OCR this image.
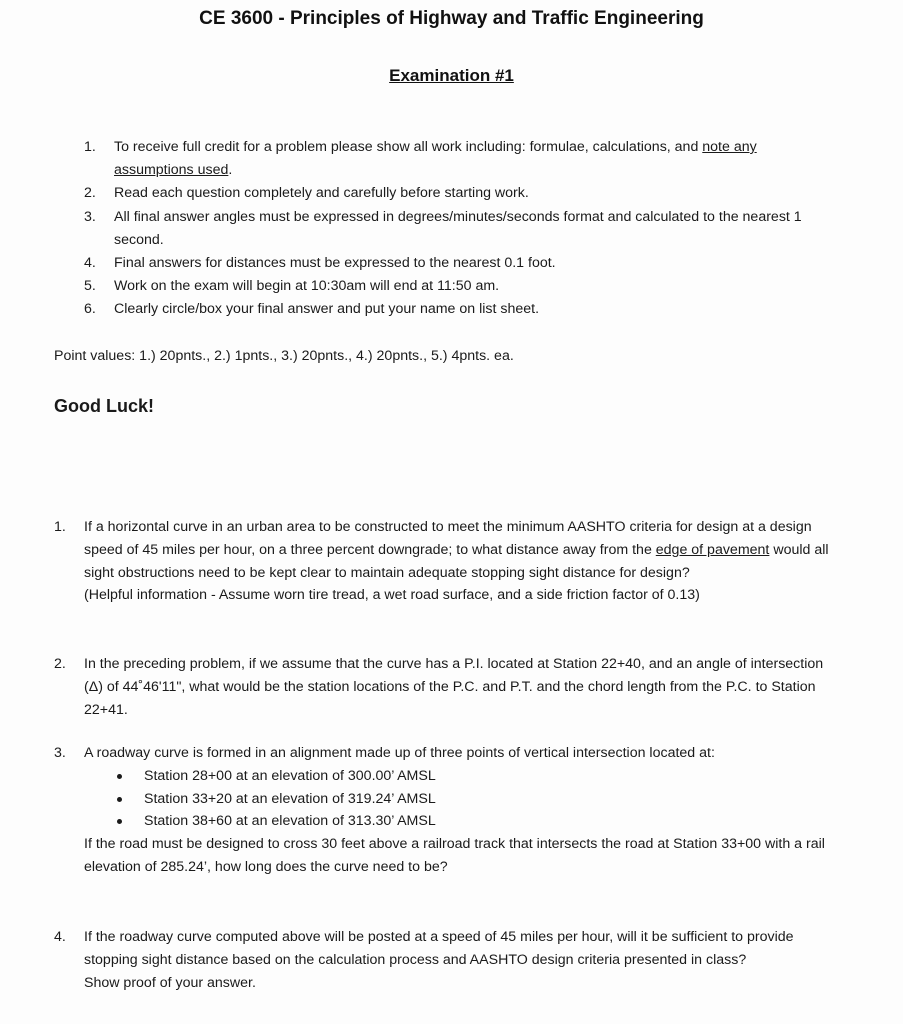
CE 3600 - Principles of Highway and Traffic Engineering
Examination #1
1. To receive full credit for a problem please show all work including: formulae, calculations, and note any assumptions used.
2. Read each question completely and carefully before starting work.
3. All final answer angles must be expressed in degrees/minutes/seconds format and calculated to the nearest 1 second.
4. Final answers for distances must be expressed to the nearest 0.1 foot.
5. Work on the exam will begin at 10:30am will end at 11:50 am.
6. Clearly circle/box your final answer and put your name on list sheet.
Point values: 1.) 20pnts., 2.) 1pnts., 3.) 20pnts., 4.) 20pnts., 5.) 4pnts. ea.
Good Luck!
1. If a horizontal curve in an urban area to be constructed to meet the minimum AASHTO criteria for design at a design speed of 45 miles per hour, on a three percent downgrade; to what distance away from the edge of pavement would all sight obstructions need to be kept clear to maintain adequate stopping sight distance for design?
(Helpful information - Assume worn tire tread, a wet road surface, and a side friction factor of 0.13)
2. In the preceding problem, if we assume that the curve has a P.I. located at Station 22+40, and an angle of intersection (Δ) of 44˚46'11", what would be the station locations of the P.C. and P.T. and the chord length from the P.C. to Station 22+41.
3. A roadway curve is formed in an alignment made up of three points of vertical intersection located at:
Station 28+00 at an elevation of 300.00’ AMSL
Station 33+20 at an elevation of 319.24’ AMSL
Station 38+60 at an elevation of 313.30’ AMSL
If the road must be designed to cross 30 feet above a railroad track that intersects the road at Station 33+00 with a rail elevation of 285.24’, how long does the curve need to be?
4. If the roadway curve computed above will be posted at a speed of 45 miles per hour, will it be sufficient to provide stopping sight distance based on the calculation process and AASHTO design criteria presented in class?
Show proof of your answer.
